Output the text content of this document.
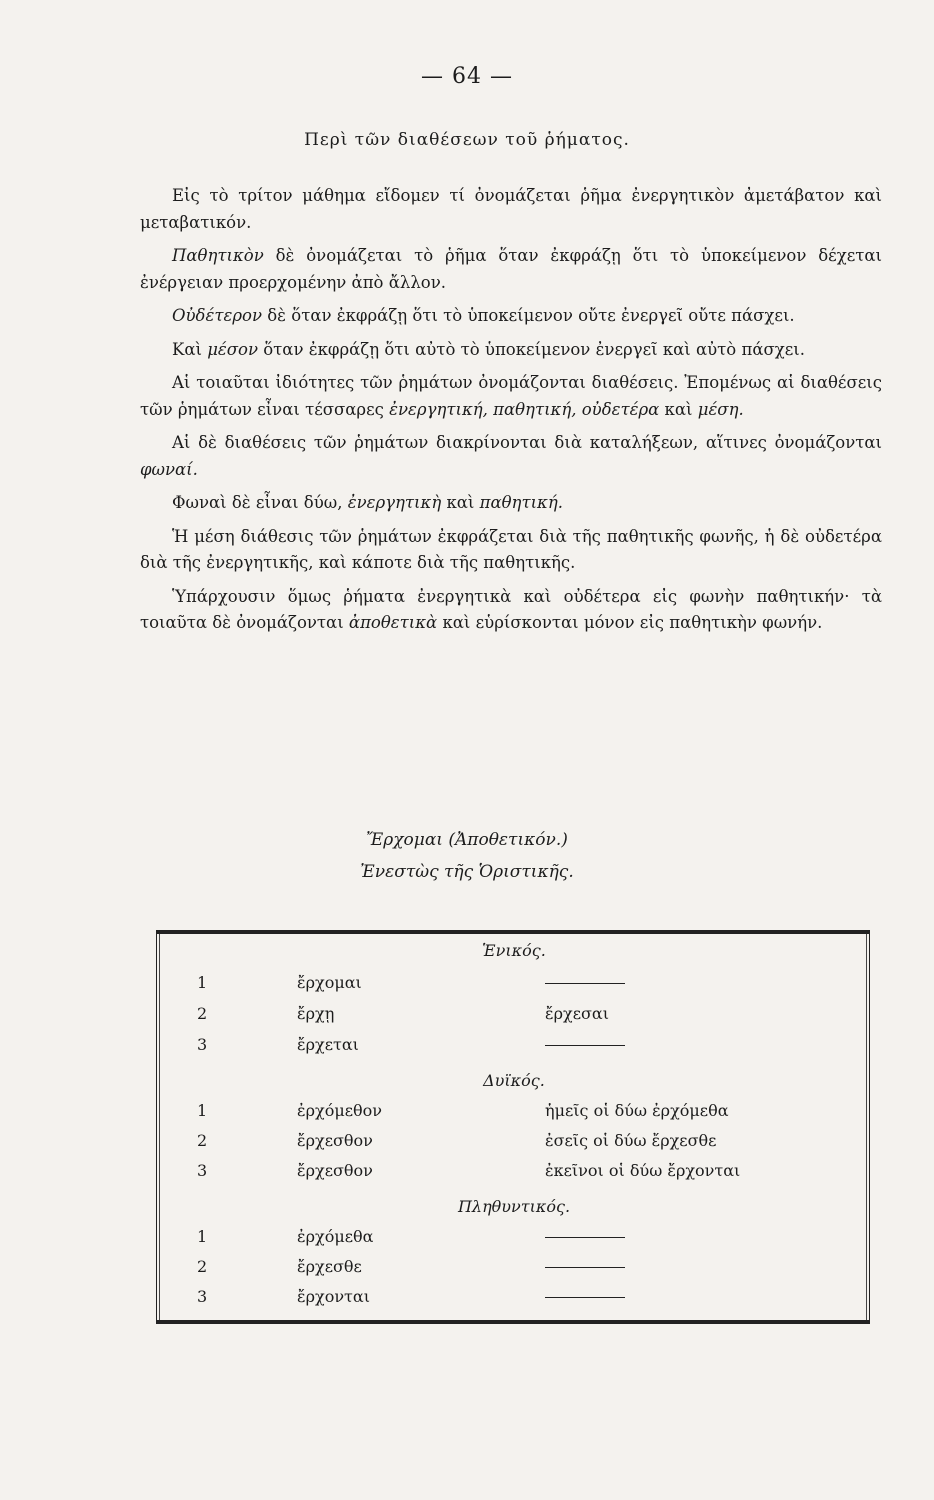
— 64 —
Περὶ τῶν διαθέσεων τοῦ ῥήματος.

Εἰς τὸ τρίτον μάθημα εἴδομεν τί ὀνομάζεται ῥῆμα ἐνεργητικὸν ἀμετάβατον καὶ μεταβατικόν.

Παθητικὸν δὲ ὀνομάζεται τὸ ῥῆμα ὅταν ἐκφράζῃ ὅτι τὸ ὑποκείμενον δέχεται ἐνέργειαν προερχομένην ἀπὸ ἄλλον.

Οὐδέτερον δὲ ὅταν ἐκφράζῃ ὅτι τὸ ὑποκείμενον οὔτε ἐνεργεῖ οὔτε πάσχει.

Καὶ μέσον ὅταν ἐκφράζῃ ὅτι αὐτὸ τὸ ὑποκείμενον ἐνεργεῖ καὶ αὐτὸ πάσχει.

Αἱ τοιαῦται ἰδιότητες τῶν ῥημάτων ὀνομάζονται διαθέσεις. Ἐπομένως αἱ διαθέσεις τῶν ῥημάτων εἶναι τέσσαρες ἐνεργητική, παθητική, οὐδετέρα καὶ μέση.

Αἱ δὲ διαθέσεις τῶν ῥημάτων διακρίνονται διὰ καταλήξεων, αἵτινες ὀνομάζονται φωναί.

Φωναὶ δὲ εἶναι δύω, ἐνεργητικὴ καὶ παθητική.

Ἡ μέση διάθεσις τῶν ῥημάτων ἐκφράζεται διὰ τῆς παθητικῆς φωνῆς, ἡ δὲ οὐδετέρα διὰ τῆς ἐνεργητικῆς, καὶ κάποτε διὰ τῆς παθητικῆς.

Ὑπάρχουσιν ὅμως ῥήματα ἐνεργητικὰ καὶ οὐδέτερα εἰς φωνὴν παθητικήν· τὰ τοιαῦτα δὲ ὀνομάζονται ἀποθετικὰ καὶ εὑρίσκονται μόνον εἰς παθητικὴν φωνήν.

Ἔρχομαι (Ἀποθετικόν.)
Ἐνεστὼς τῆς Ὁριστικῆς.
Ἑνικός.
1	ἔρχομαι
2	ἔρχῃ	ἔρχεσαι
3	ἔρχεται
Δυϊκός.
1	ἐρχόμεθον	ἡμεῖς οἱ δύω ἐρχόμεθα
2	ἔρχεσθον	ἐσεῖς οἱ δύω ἔρχεσθε
3	ἔρχεσθον	ἐκεῖνοι οἱ δύω ἔρχονται
Πληθυντικός.
1	ἐρχόμεθα
2	ἔρχεσθε
3	ἔρχονται
